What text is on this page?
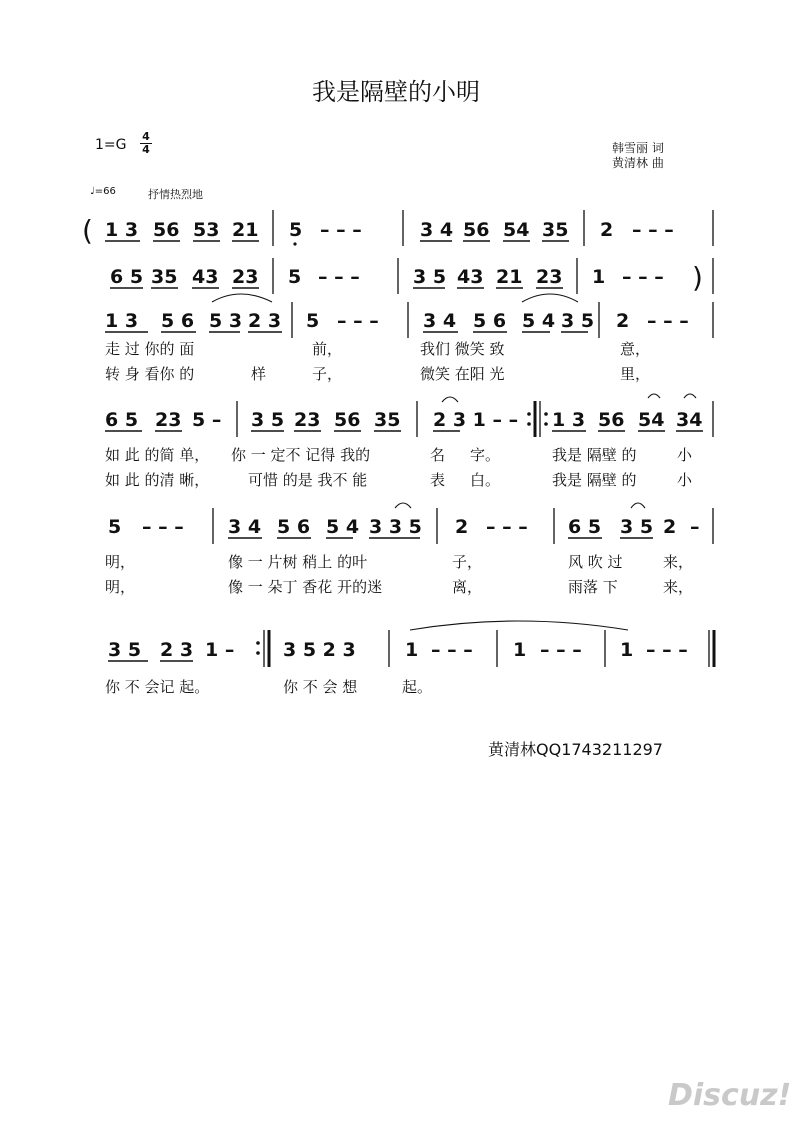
我是隔壁的小明
1=G
4
4	韩雪丽 词
黄清林 曲
♩=66	抒情热烈地
( 1 3 56 53 21 5 – – –	3 4 56 54 35 2 – – –
6 5 35 43 23 5 – – –	3 5 43 21 23 1 – – – )
1 3 5 6 5 3 2 3 5 – – – 3 4 5 6 5 4 3 5 2 – – –
走 过 你的 面	前，	我们 微笑 致	意，
转 身 看你 的	样	子，	微笑 在阳 光	里，
6 5 23 5 – 3 5 23 56 35 2 3 1 – – 1 3 56 54 34
如 此 的简 单， 你 一 定不 记得 我的	名 字。	我是 隔壁 的	小
如 此 的清 晰，	可惜 的是 我不 能	表 白。	我是 隔壁 的	小
5 – – – 3 4 5 6 5 4 3 3 5 2 – – – 6 5 3 5 2 –
明，	像 一 片树 稍上 的叶	子，	风 吹 过	来，
明，	像 一 朵丁 香花 开的迷	离，	雨落 下	来，
3 5 2 3 1 –	3 5 2 3	1 – – – 1 – – – 1 – – –
你 不 会记 起。	你 不 会 想	起。
黄清林QQ1743211297
Discuz!
